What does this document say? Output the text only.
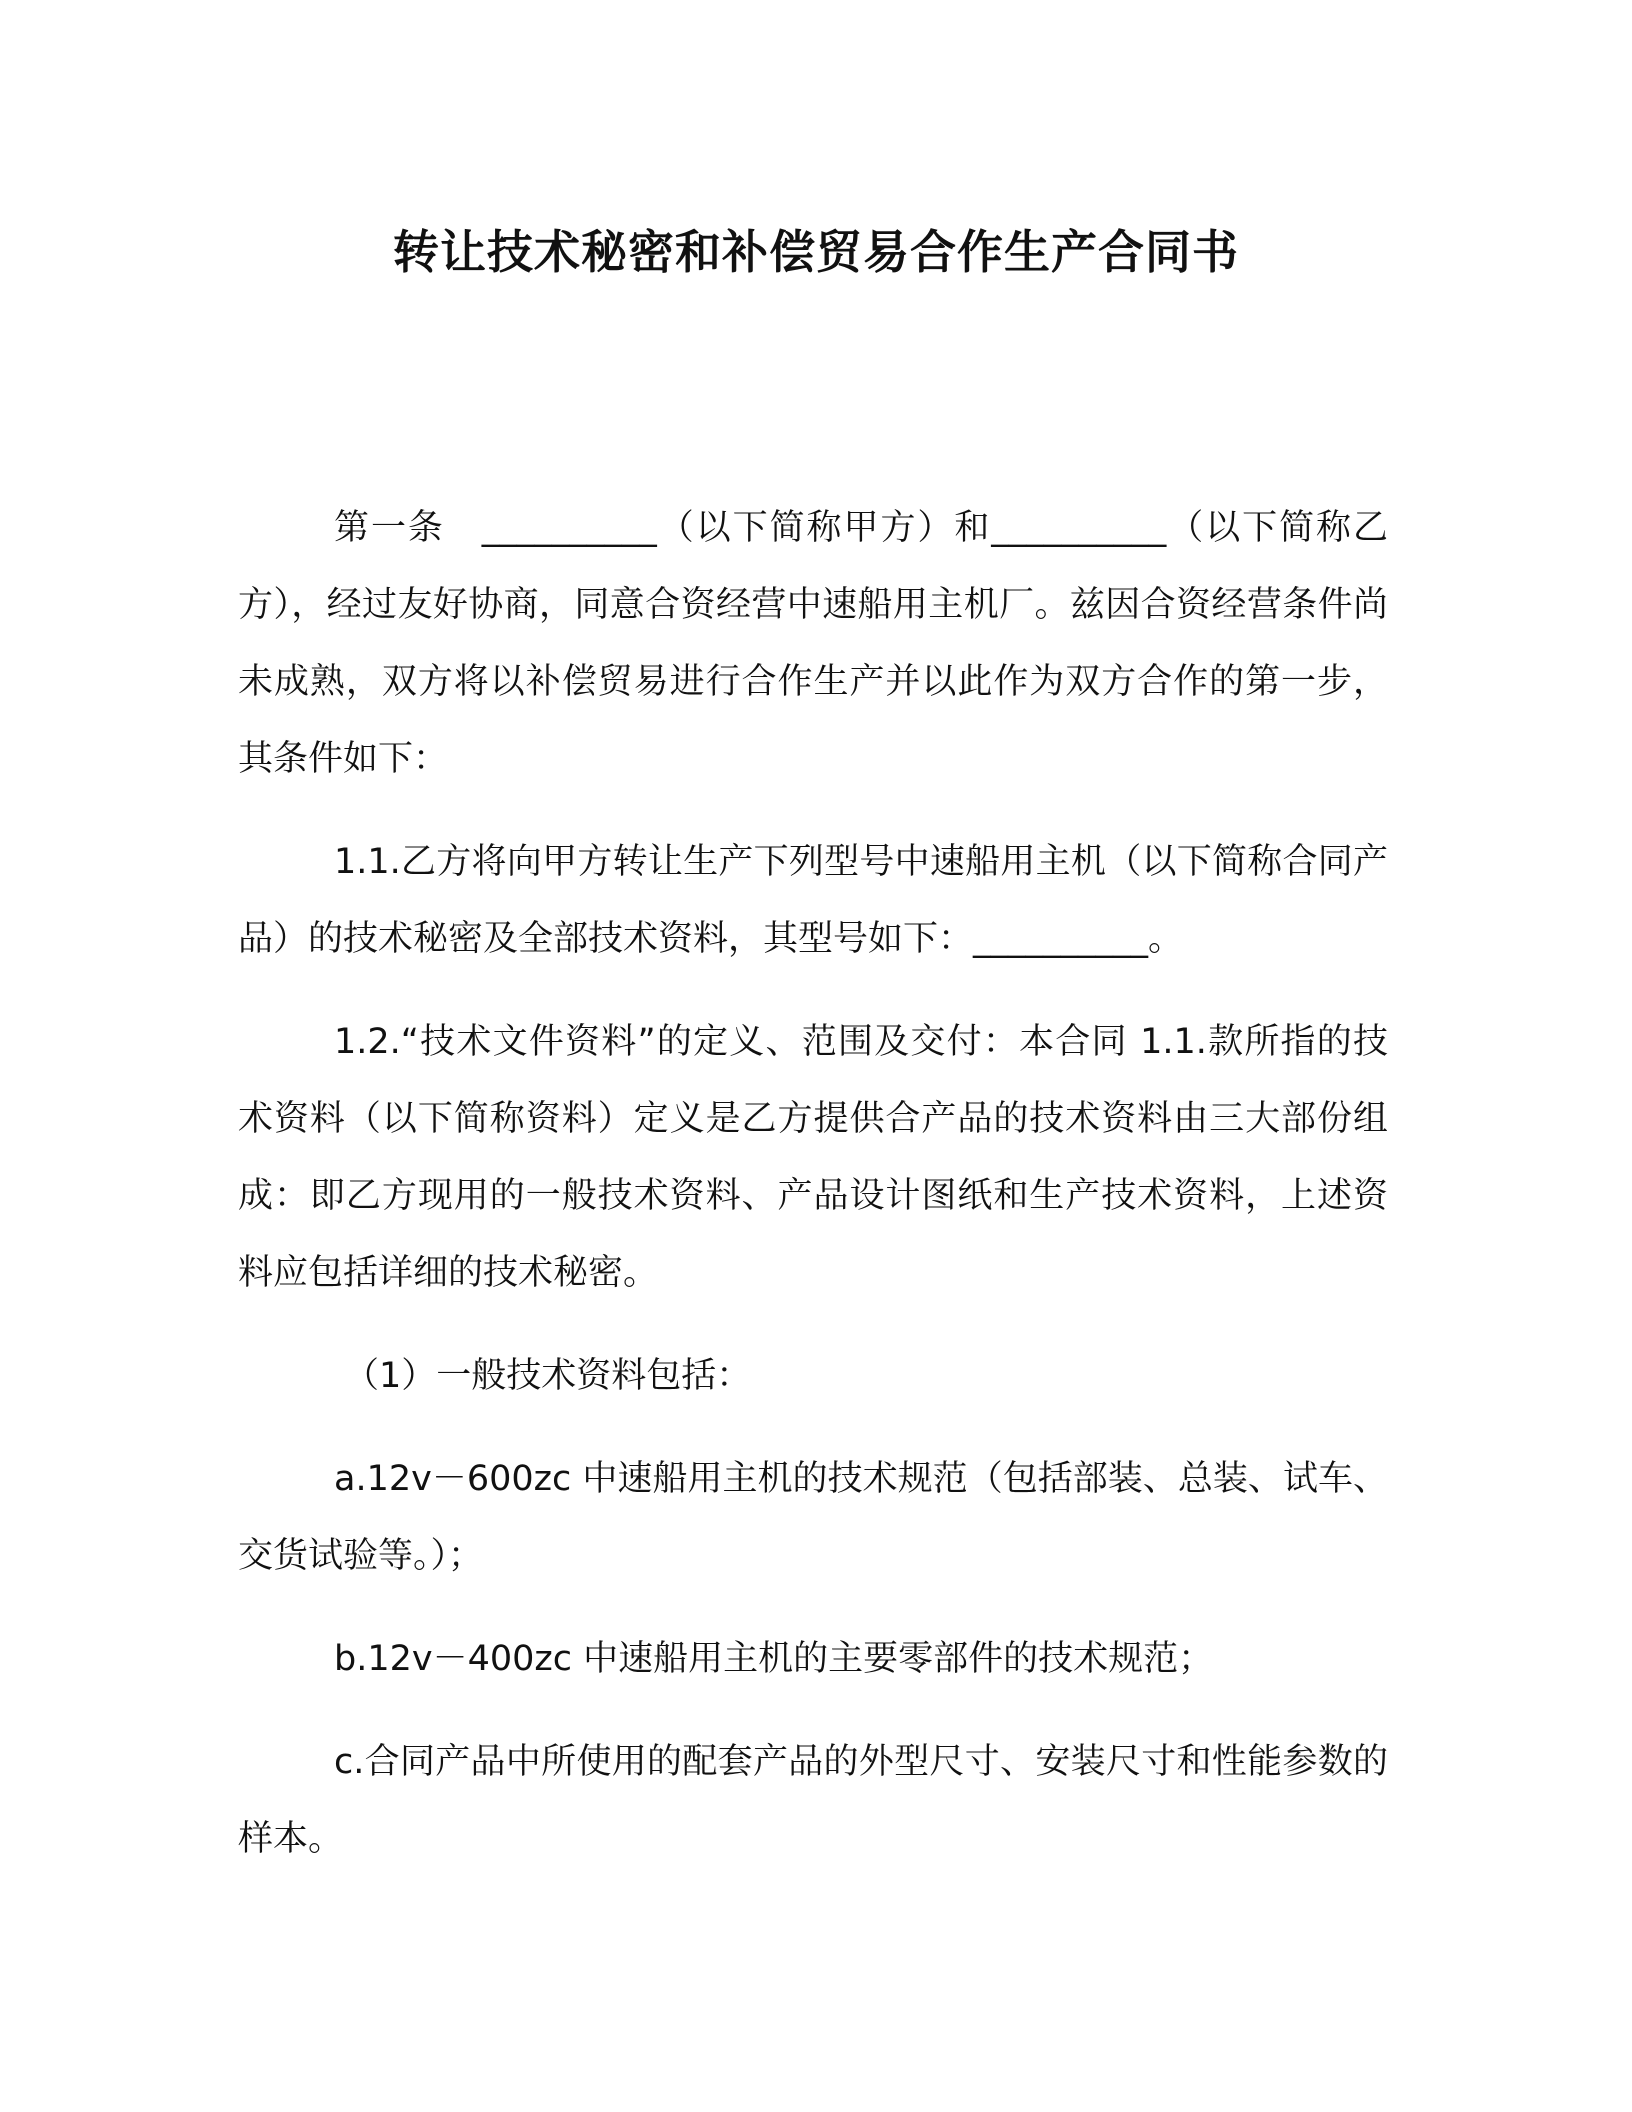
转让技术秘密和补偿贸易合作生产合同书

第一条　__________（以下简称甲方）和__________（以下简称乙方），经过友好协商，同意合资经营中速船用主机厂。兹因合资经营条件尚未成熟，双方将以补偿贸易进行合作生产并以此作为双方合作的第一步，其条件如下：

1.1.乙方将向甲方转让生产下列型号中速船用主机（以下简称合同产品）的技术秘密及全部技术资料，其型号如下：__________。

1.2.“技术文件资料”的定义、范围及交付：本合同 1.1.款所指的技术资料（以下简称资料）定义是乙方提供合产品的技术资料由三大部份组成：即乙方现用的一般技术资料、产品设计图纸和生产技术资料，上述资料应包括详细的技术秘密。

（1）一般技术资料包括：

a.12v－600zc 中速船用主机的技术规范（包括部装、总装、试车、交货试验等。）；

b.12v－400zc 中速船用主机的主要零部件的技术规范；

c.合同产品中所使用的配套产品的外型尺寸、安装尺寸和性能参数的样本。
